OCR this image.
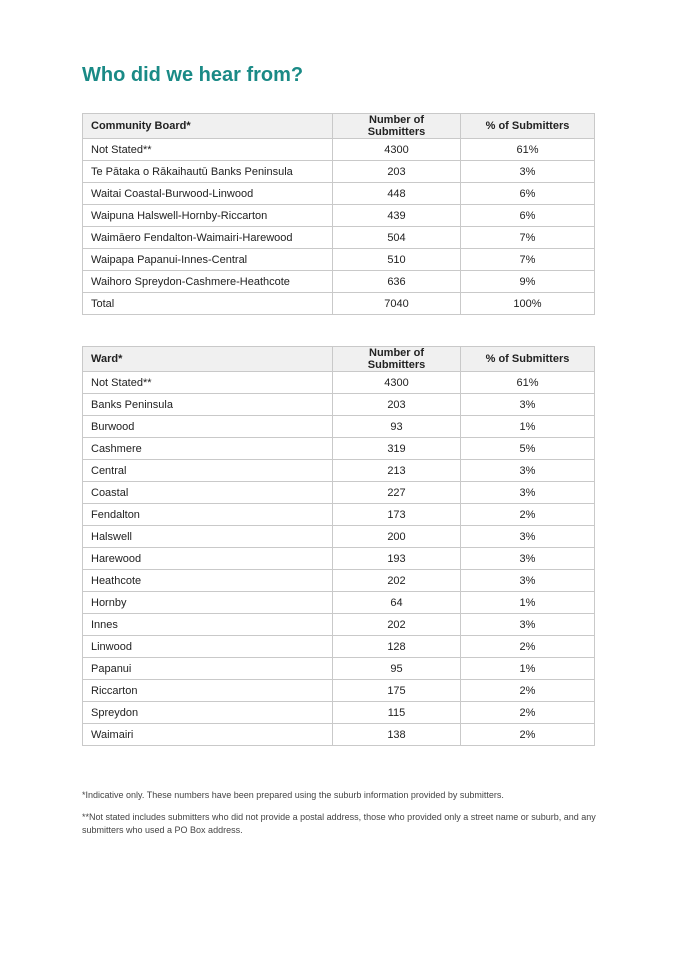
Who did we hear from?
Community Board*	Number of Submitters	% of Submitters
Not Stated**	4300	61%
Te Pātaka o Rākaihautū Banks Peninsula	203	3%
Waitai Coastal-Burwood-Linwood	448	6%
Waipuna Halswell-Hornby-Riccarton	439	6%
Waimāero Fendalton-Waimairi-Harewood	504	7%
Waipapa Papanui-Innes-Central	510	7%
Waihoro Spreydon-Cashmere-Heathcote	636	9%
Total	7040	100%
Ward*	Number of Submitters	% of Submitters
Not Stated**	4300	61%
Banks Peninsula	203	3%
Burwood	93	1%
Cashmere	319	5%
Central	213	3%
Coastal	227	3%
Fendalton	173	2%
Halswell	200	3%
Harewood	193	3%
Heathcote	202	3%
Hornby	64	1%
Innes	202	3%
Linwood	128	2%
Papanui	95	1%
Riccarton	175	2%
Spreydon	115	2%
Waimairi	138	2%

*Indicative only. These numbers have been prepared using the suburb information provided by submitters.

**Not stated includes submitters who did not provide a postal address, those who provided only a street name or suburb, and any submitters who used a PO Box address.
